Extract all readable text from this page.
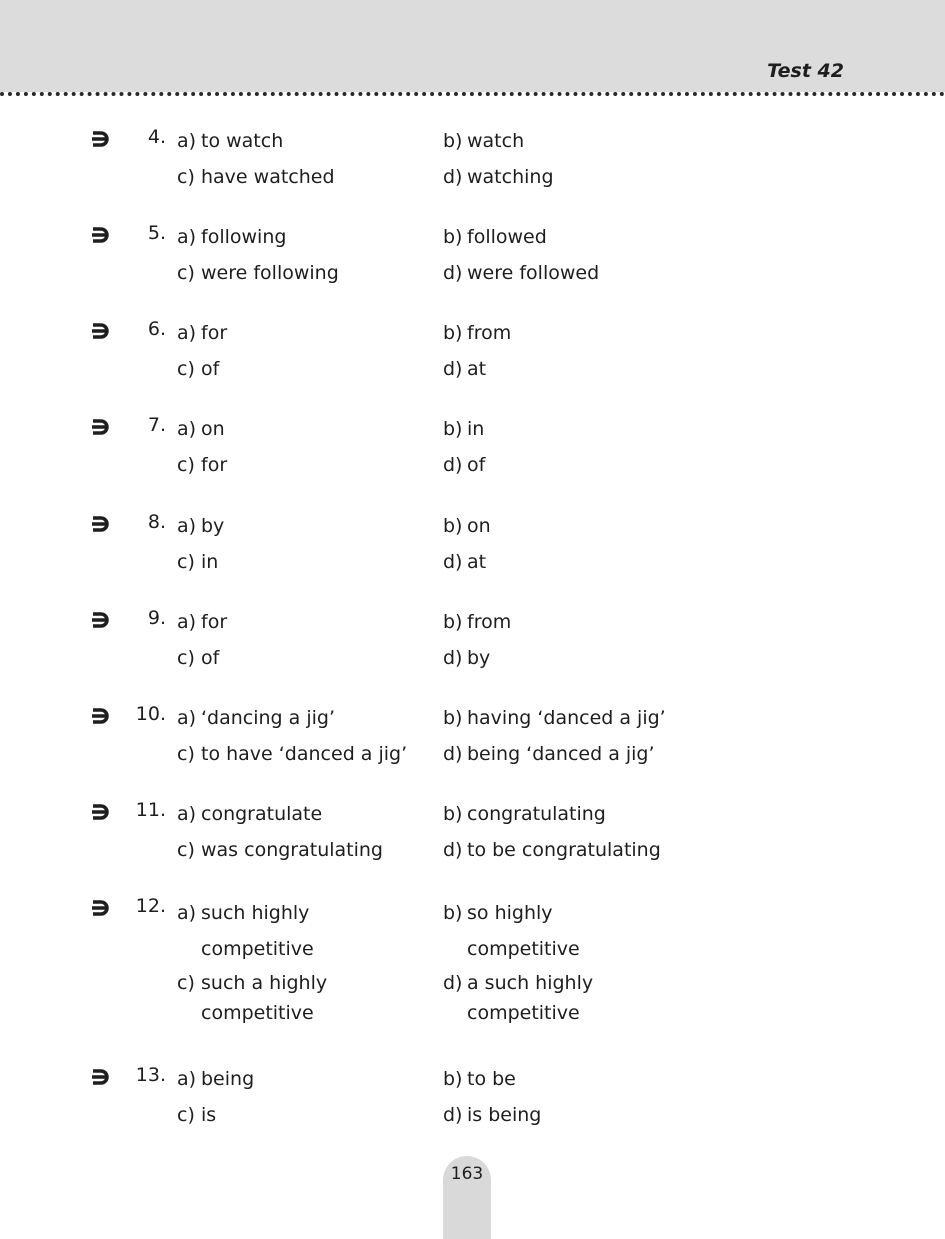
Test 42
4. a) to watch	b) watch
c) have watched	d) watching
5. a) following	b) followed
c) were following	d) were followed
6. a) for	b) from
c) of	d) at
7. a) on	b) in
c) for	d) of
8. a) by	b) on
c) in	d) at
9. a) for	b) from
c) of	d) by
10. a) ‘dancing a jig’	b) having ‘danced a jig’
c) to have ‘danced a jig’	d) being ‘danced a jig’
11. a) congratulate	b) congratulating
c) was congratulating	d) to be congratulating
12. a) such highly
competitive
b) so highly
competitive
c) such a highly
competitive
d) a such highly
competitive
13. a) being	b) to be
c) is	d) is being
163
